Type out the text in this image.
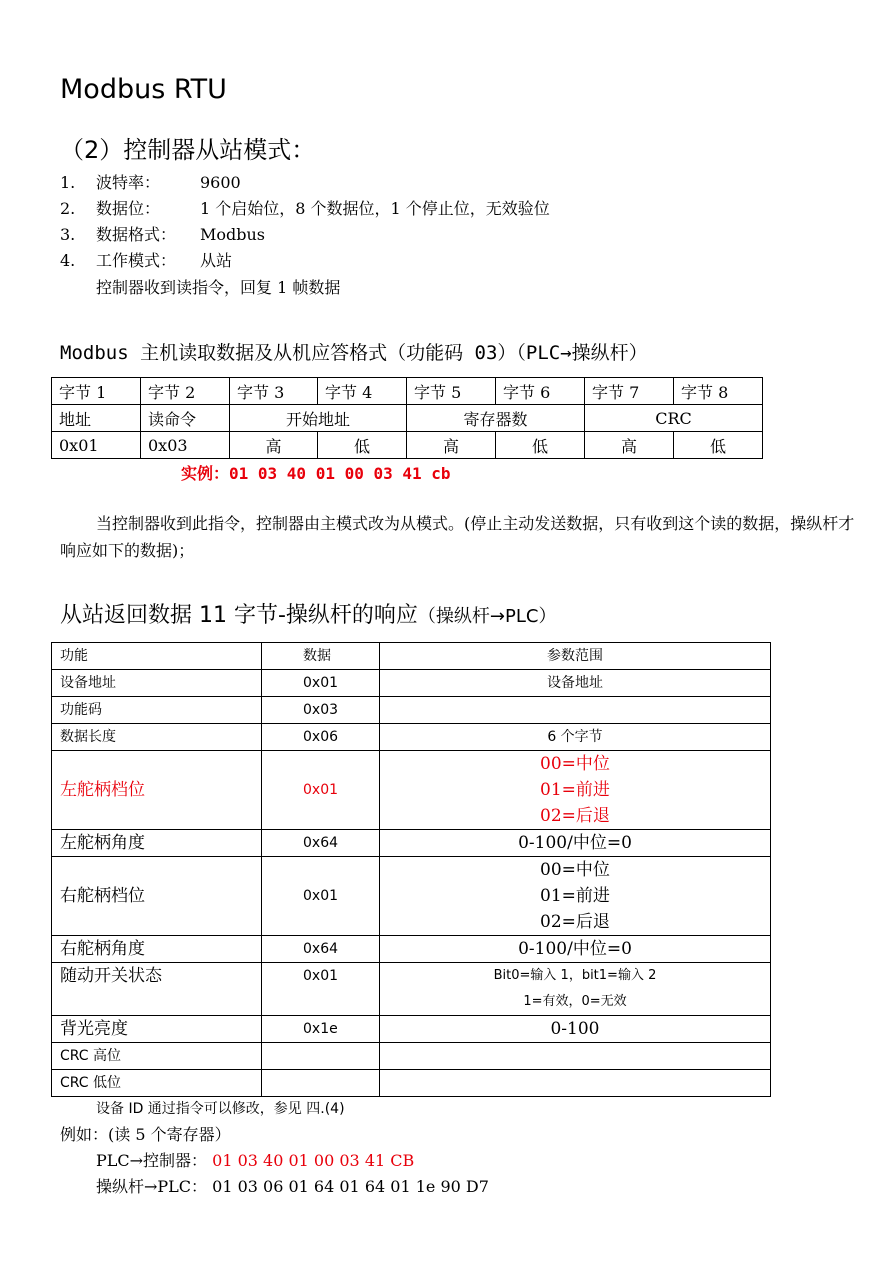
Modbus RTU
（2）控制器从站模式：
1.	波特率：	9600
2.	数据位：	1 个启始位，8 个数据位，1 个停止位，无效验位
3.	数据格式：	Modbus
4.	工作模式：	从站
控制器收到读指令，回复 1 帧数据
Modbus 主机读取数据及从机应答格式（功能码 03）（PLC→操纵杆）
字节 1	字节 2	字节 3	字节 4	字节 5	字节 6	字节 7	字节 8
地址	读命令	开始地址		寄存器数		CRC	
0x01	0x03	高	低	高	低	高	低
实例：01 03 40 01 00 03 41 cb

当控制器收到此指令，控制器由主模式改为从模式。(停止主动发送数据，只有收到这个读的数据，操纵杆才响应如下的数据)；

从站返回数据 11 字节-操纵杆的响应（操纵杆→PLC）
功能	数据	参数范围
设备地址	0x01	设备地址
功能码	0x03	
数据长度	0x06	6 个字节
左舵柄档位	0x01	00=中位
01=前进
02=后退

左舵柄角度	0x64	0-100/中位=0
右舵柄档位	0x01	00=中位
01=前进
02=后退

右舵柄角度	0x64	0-100/中位=0
随动开关状态	0x01	Bit0=输入 1，bit1=输入 2
1=有效，0=无效

背光亮度	0x1e	0-100
CRC 高位		
CRC 低位		
设备 ID 通过指令可以修改，参见 四.(4)
例如：(读 5 个寄存器）
PLC→控制器： 01 03 40 01 00 03 41 CB
操纵杆→PLC： 01 03 06 01 64 01 64 01 1e 90 D7
